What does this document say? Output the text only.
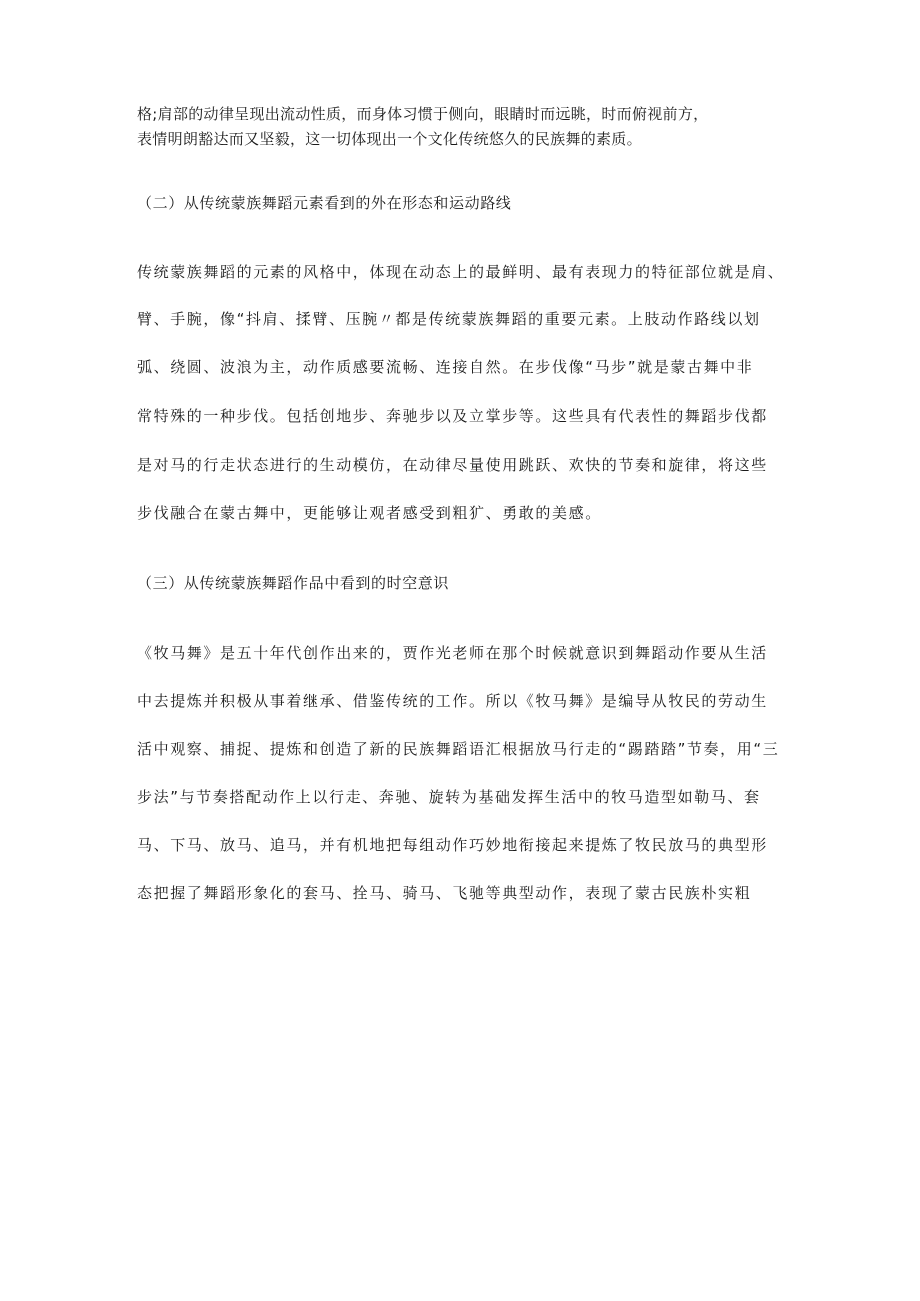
格;肩部的动律呈现出流动性质，而身体习惯于侧向，眼睛时而远眺，时而俯视前方，
表情明朗豁达而又坚毅，这一切体现出一个文化传统悠久的民族舞的素质。
（二）从传统蒙族舞蹈元素看到的外在形态和运动路线
传统蒙族舞蹈的元素的风格中，体现在动态上的最鲜明、最有表现力的特征部位就是肩、
臂、手腕，像“抖肩、揉臂、压腕〃都是传统蒙族舞蹈的重要元素。上肢动作路线以划
弧、绕圆、波浪为主，动作质感要流畅、连接自然。在步伐像“马步”就是蒙古舞中非
常特殊的一种步伐。包括创地步、奔驰步以及立掌步等。这些具有代表性的舞蹈步伐都
是对马的行走状态进行的生动模仿，在动律尽量使用跳跃、欢快的节奏和旋律，将这些
步伐融合在蒙古舞中，更能够让观者感受到粗犷、勇敢的美感。
（三）从传统蒙族舞蹈作品中看到的时空意识
《牧马舞》是五十年代创作出来的，贾作光老师在那个时候就意识到舞蹈动作要从生活
中去提炼并积极从事着继承、借鉴传统的工作。所以《牧马舞》是编导从牧民的劳动生
活中观察、捕捉、提炼和创造了新的民族舞蹈语汇根据放马行走的“踢踏踏”节奏，用“三
步法”与节奏搭配动作上以行走、奔驰、旋转为基础发挥生活中的牧马造型如勒马、套
马、下马、放马、追马，并有机地把每组动作巧妙地衔接起来提炼了牧民放马的典型形
态把握了舞蹈形象化的套马、拴马、骑马、飞驰等典型动作，表现了蒙古民族朴实粗
